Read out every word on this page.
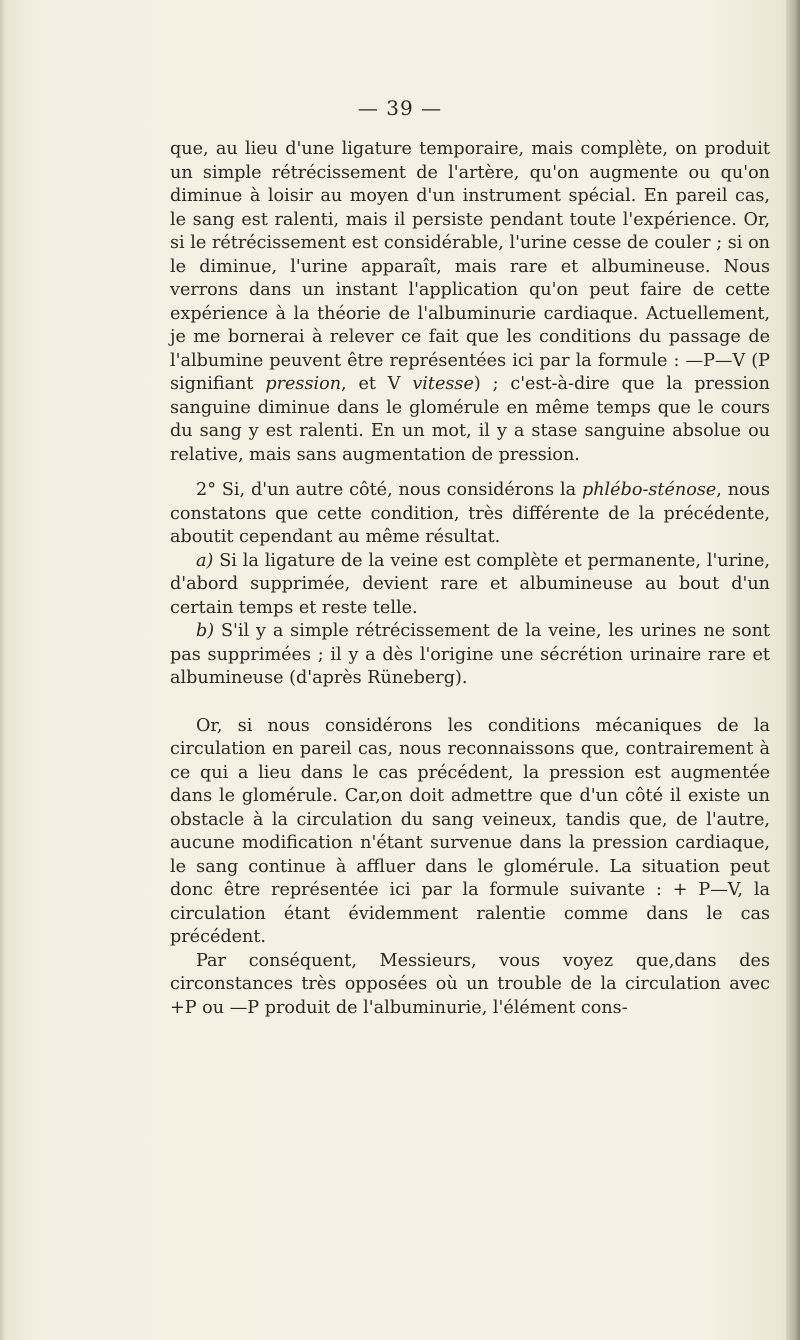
— 39 —

que, au lieu d'une ligature temporaire, mais complète, on produit un simple rétrécissement de l'artère, qu'on augmente ou qu'on diminue à loisir au moyen d'un instrument spécial. En pareil cas, le sang est ralenti, mais il persiste pendant toute l'expérience. Or, si le rétrécissement est considérable, l'urine cesse de couler ; si on le diminue, l'urine apparaît, mais rare et albumineuse. Nous verrons dans un instant l'application qu'on peut faire de cette expérience à la théorie de l'albuminurie cardiaque. Actuellement, je me bornerai à relever ce fait que les conditions du passage de l'albumine peuvent être représentées ici par la formule : —P—V (P signifiant pression, et V vitesse) ; c'est-à-dire que la pression sanguine diminue dans le glomérule en même temps que le cours du sang y est ralenti. En un mot, il y a stase sanguine absolue ou relative, mais sans augmentation de pression.

2° Si, d'un autre côté, nous considérons la phlébo-sténose, nous constatons que cette condition, très différente de la précédente, aboutit cependant au même résultat.

a) Si la ligature de la veine est complète et permanente, l'urine, d'abord supprimée, devient rare et albumineuse au bout d'un certain temps et reste telle.

b) S'il y a simple rétrécissement de la veine, les urines ne sont pas supprimées ; il y a dès l'origine une sécrétion urinaire rare et albumineuse (d'après Rüneberg).

Or, si nous considérons les conditions mécaniques de la circulation en pareil cas, nous reconnaissons que, contrairement à ce qui a lieu dans le cas précédent, la pression est augmentée dans le glomérule. Car,on doit admettre que d'un côté il existe un obstacle à la circulation du sang veineux, tandis que, de l'autre, aucune modification n'étant survenue dans la pression cardiaque, le sang continue à affluer dans le glomérule. La situation peut donc être représentée ici par la formule suivante : + P—V, la circulation étant évidemment ralentie comme dans le cas précédent.

Par conséquent, Messieurs, vous voyez que,dans des circonstances très opposées où un trouble de la circulation avec +P ou —P produit de l'albuminurie, l'élément cons-
